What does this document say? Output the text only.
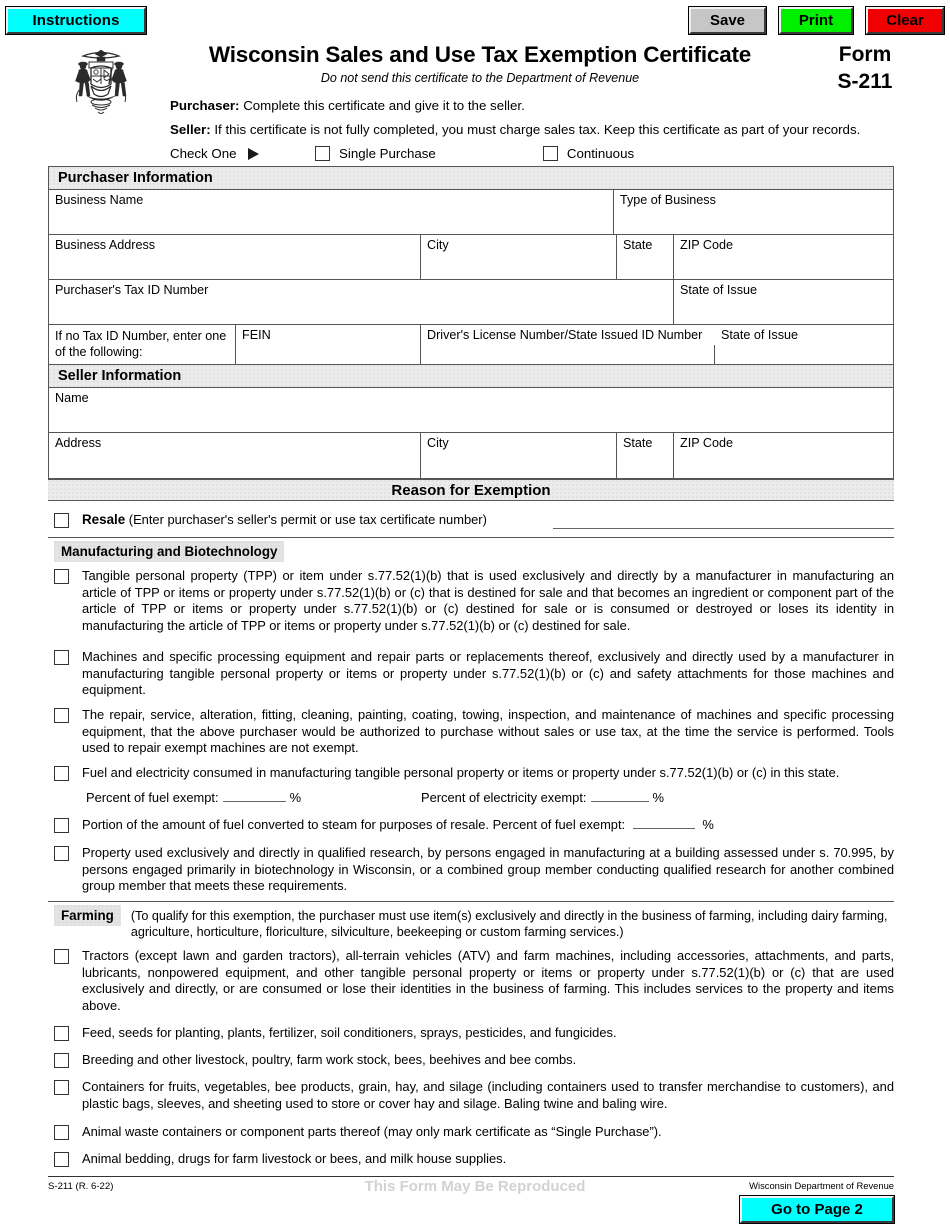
Instructions	Save	Print	Clear
Wisconsin Sales and Use Tax Exemption Certificate
Do not send this certificate to the Department of Revenue
Form
S-211
Purchaser: Complete this certificate and give it to the seller.
Seller: If this certificate is not fully completed, you must charge sales tax. Keep this certificate as part of your records.
Check One	Single Purchase	Continuous
Purchaser Information
Business Name	Type of Business
Business Address	City	State	ZIP Code
Purchaser's Tax ID Number	State of Issue
If no Tax ID Number, enter one
of the following:
FEIN	Driver's License Number/State Issued ID Number State of Issue
Seller Information
Name
Address	City	State	ZIP Code
Reason for Exemption
Resale (Enter purchaser's seller's permit or use tax certificate number)
Manufacturing and Biotechnology
Tangible personal property (TPP) or item under s.77.52(1)(b) that is used exclusively and directly by a manufacturer in manufacturing an article of TPP or items or property under s.77.52(1)(b) or (c) that is destined for sale and that becomes an ingredient or component part of the article of TPP or items or property under s.77.52(1)(b) or (c) destined for sale or is consumed or destroyed or loses its identity in manufacturing the article of TPP or items or property under s.77.52(1)(b) or (c) destined for sale.
Machines and specific processing equipment and repair parts or replacements thereof, exclusively and directly used by a manufacturer in manufacturing tangible personal property or items or property under s.77.52(1)(b) or (c) and safety attachments for those machines and equipment.
The repair, service, alteration, fitting, cleaning, painting, coating, towing, inspection, and maintenance of machines and specific processing equipment, that the above purchaser would be authorized to purchase without sales or use tax, at the time the service is performed. Tools used to repair exempt machines are not exempt.
Fuel and electricity consumed in manufacturing tangible personal property or items or property under s.77.52(1)(b) or (c) in this state.
Percent of fuel exempt:	%	Percent of electricity exempt:	%
Portion of the amount of fuel converted to steam for purposes of resale. Percent of fuel exempt:	%
Property used exclusively and directly in qualified research, by persons engaged in manufacturing at a building assessed under s. 70.995, by persons engaged primarily in biotechnology in Wisconsin, or a combined group member conducting qualified research for another combined group member that meets these requirements.
Farming	(To qualify for this exemption, the purchaser must use item(s) exclusively and directly in the business of farming, including dairy farming, agriculture, horticulture, floriculture, silviculture, beekeeping or custom farming services.)
Tractors (except lawn and garden tractors), all-terrain vehicles (ATV) and farm machines, including accessories, attachments, and parts, lubricants, nonpowered equipment, and other tangible personal property or items or property under s.77.52(1)(b) or (c) that are used exclusively and directly, or are consumed or lose their identities in the business of farming. This includes services to the property and items above.
Feed, seeds for planting, plants, fertilizer, soil conditioners, sprays, pesticides, and fungicides.
Breeding and other livestock, poultry, farm work stock, bees, beehives and bee combs.
Containers for fruits, vegetables, bee products, grain, hay, and silage (including containers used to transfer merchandise to customers), and plastic bags, sleeves, and sheeting used to store or cover hay and silage. Baling twine and baling wire.
Animal waste containers or component parts thereof (may only mark certificate as “Single Purchase”).
Animal bedding, drugs for farm livestock or bees, and milk house supplies.
S-211 (R. 6-22)	This Form May Be Reproduced	Wisconsin Department of Revenue
Go to Page 2
